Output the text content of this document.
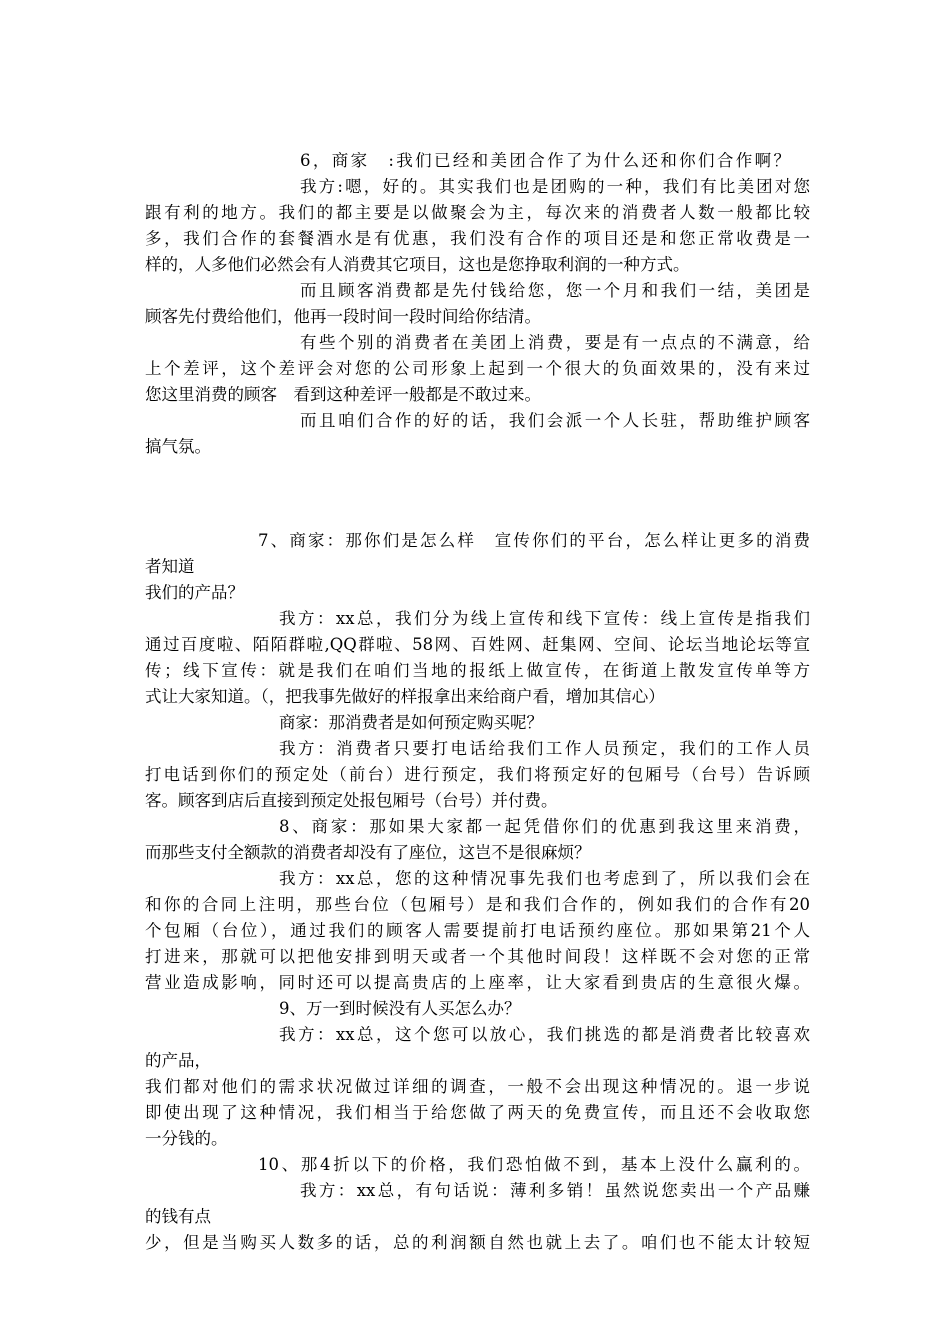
6，商家　:我们已经和美团合作了为什么还和你们合作啊？
我方:嗯，好的。其实我们也是团购的一种，我们有比美团对您
跟有利的地方。我们的都主要是以做聚会为主，每次来的消费者人数一般都比较
多，我们合作的套餐酒水是有优惠，我们没有合作的项目还是和您正常收费是一
样的，人多他们必然会有人消费其它项目，这也是您挣取利润的一种方式。
而且顾客消费都是先付钱给您，您一个月和我们一结，美团是
顾客先付费给他们，他再一段时间一段时间给你结清。
有些个别的消费者在美团上消费，要是有一点点的不满意，给
上个差评，这个差评会对您的公司形象上起到一个很大的负面效果的，没有来过
您这里消费的顾客　看到这种差评一般都是不敢过来。
而且咱们合作的好的话，我们会派一个人长驻，帮助维护顾客
搞气氛。
7、商家：那你们是怎么样　宣传你们的平台，怎么样让更多的消费
者知道
我们的产品？
我方：xx总，我们分为线上宣传和线下宣传：线上宣传是指我们
通过百度啦、陌陌群啦,QQ群啦、58网、百姓网、赶集网、空间、论坛当地论坛等宣
传；线下宣传：就是我们在咱们当地的报纸上做宣传，在街道上散发宣传单等方
式让大家知道。（，把我事先做好的样报拿出来给商户看，增加其信心）
商家：那消费者是如何预定购买呢？
我方：消费者只要打电话给我们工作人员预定，我们的工作人员
打电话到你们的预定处（前台）进行预定，我们将预定好的包厢号（台号）告诉顾
客。顾客到店后直接到预定处报包厢号（台号）并付费。
8、商家：那如果大家都一起凭借你们的优惠到我这里来消费，
而那些支付全额款的消费者却没有了座位，这岂不是很麻烦？
我方：xx总，您的这种情况事先我们也考虑到了，所以我们会在
和你的合同上注明，那些台位（包厢号）是和我们合作的，例如我们的合作有20
个包厢（台位），通过我们的顾客人需要提前打电话预约座位。那如果第21个人
打进来，那就可以把他安排到明天或者一个其他时间段！这样既不会对您的正常
营业造成影响，同时还可以提高贵店的上座率，让大家看到贵店的生意很火爆。
9、万一到时候没有人买怎么办？
我方：xx总，这个您可以放心，我们挑选的都是消费者比较喜欢
的产品，
我们都对他们的需求状况做过详细的调查，一般不会出现这种情况的。退一步说
即使出现了这种情况，我们相当于给您做了两天的免费宣传，而且还不会收取您
一分钱的。
10、那4折以下的价格，我们恐怕做不到，基本上没什么赢利的。
我方：xx总，有句话说：薄利多销！虽然说您卖出一个产品赚
的钱有点
少，但是当购买人数多的话，总的利润额自然也就上去了。咱们也不能太计较短
